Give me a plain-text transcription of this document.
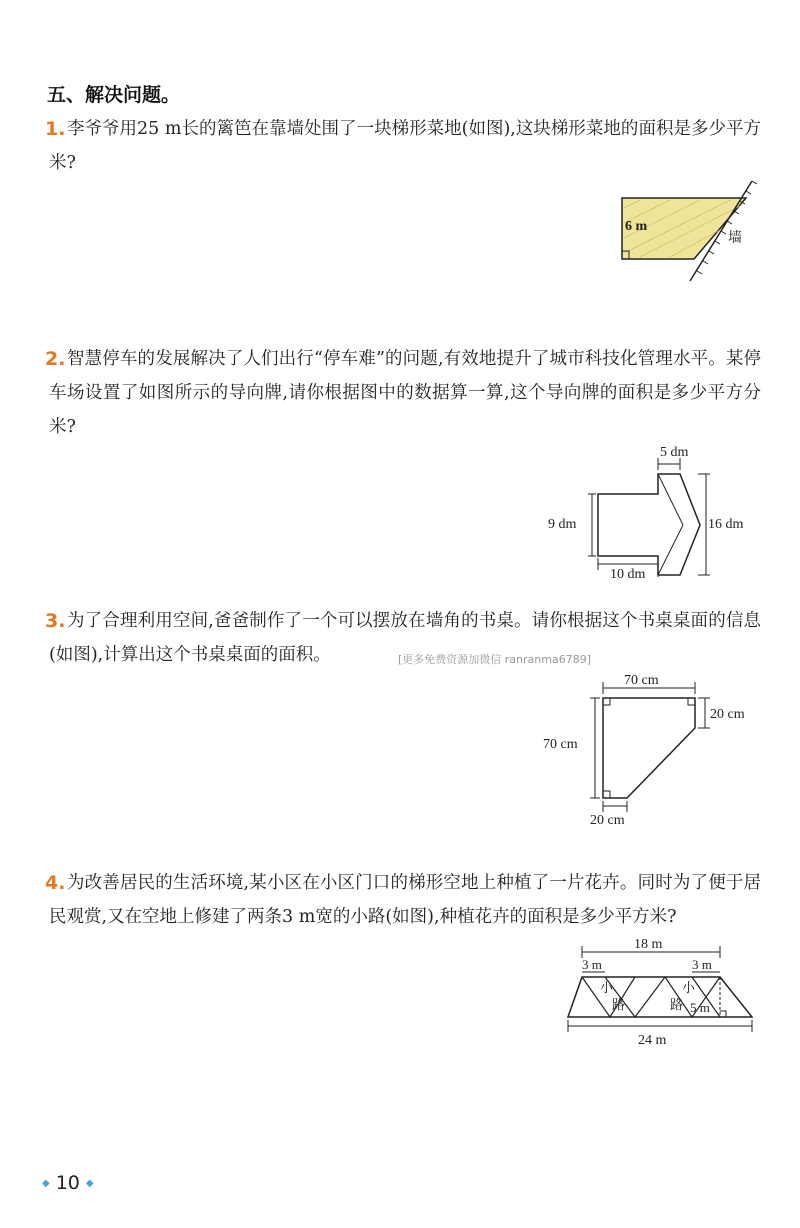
五、解决问题。
1. 李爷爷用25 m长的篱笆在靠墙处围了一块梯形菜地(如图),这块梯形菜地的面积是多少平方米?
6 m
墙
2. 智慧停车的发展解决了人们出行“停车难”的问题,有效地提升了城市科技化管理水平。某停车场设置了如图所示的导向牌,请你根据图中的数据算一算,这个导向牌的面积是多少平方分米?
5 dm
9 dm	16 dm
10 dm
3. 为了合理利用空间,爸爸制作了一个可以摆放在墙角的书桌。请你根据这个书桌桌面的信息(如图),计算出这个书桌桌面的面积。	[更多免费资源加微信 ranranma6789]
70 cm
20 cm
70 cm
20 cm
4. 为改善居民的生活环境,某小区在小区门口的梯形空地上种植了一片花卉。同时为了便于居民观赏,又在空地上修建了两条3 m宽的小路(如图),种植花卉的面积是多少平方米?
18 m
3 m	3 m
小
路
小
路 5 m
24 m
◆ 10 ◆
